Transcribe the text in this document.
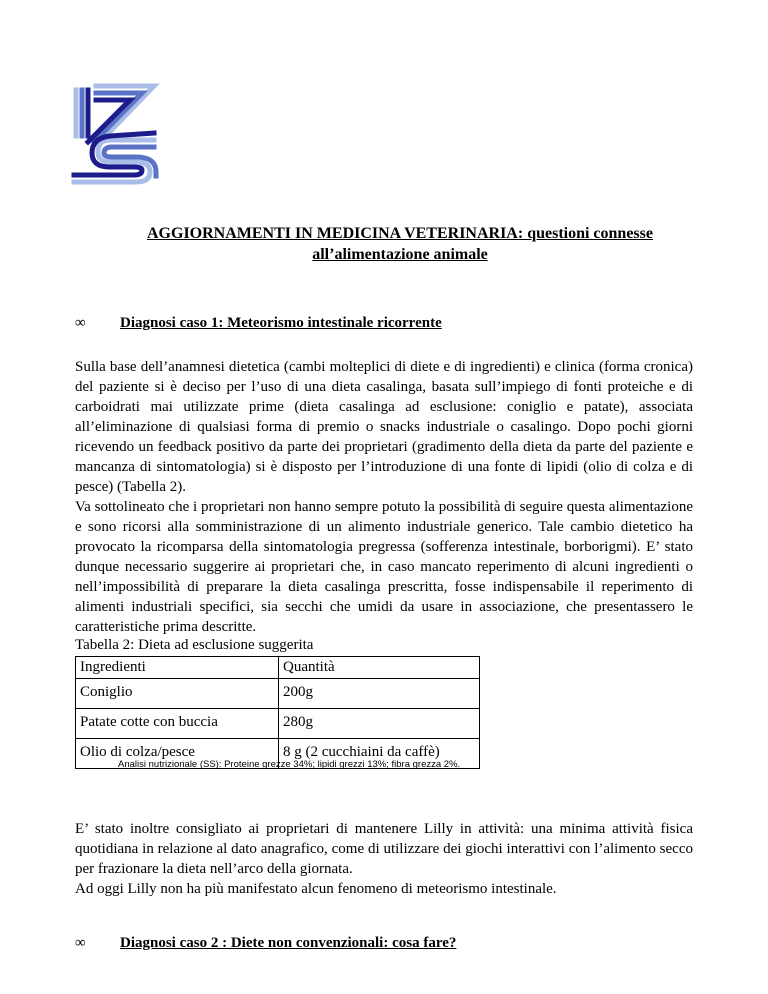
AGGIORNAMENTI IN MEDICINA VETERINARIA: questioni connesse
all’alimentazione animale
∞	Diagnosi caso 1: Meteorismo intestinale ricorrente

Sulla base dell’anamnesi dietetica (cambi molteplici di diete e di ingredienti) e clinica (forma cronica) del paziente si è deciso per l’uso di una dieta casalinga, basata sull’impiego di fonti proteiche e di carboidrati mai utilizzate prime (dieta casalinga ad esclusione: coniglio e patate), associata all’eliminazione di qualsiasi forma di premio o snacks industriale o casalingo. Dopo pochi giorni ricevendo un feedback positivo da parte dei proprietari (gradimento della dieta da parte del paziente e mancanza di sintomatologia) si è disposto per l’introduzione di una fonte di lipidi (olio di colza e di pesce) (Tabella 2).

Va sottolineato che i proprietari non hanno sempre potuto la possibilità di seguire questa alimentazione e sono ricorsi alla somministrazione di un alimento industriale generico. Tale cambio dietetico ha provocato la ricomparsa della sintomatologia pregressa (sofferenza intestinale, borborigmi). E’ stato dunque necessario suggerire ai proprietari che, in caso mancato reperimento di alcuni ingredienti o nell’impossibilità di preparare la dieta casalinga prescritta, fosse indispensabile il reperimento di alimenti industriali specifici, sia secchi che umidi da usare in associazione, che presentassero le caratteristiche prima descritte.

Tabella 2: Dieta ad esclusione suggerita
Ingredienti	Quantità
Coniglio	200g
Patate cotte con buccia	280g
Olio di colza/pesce	8 g (2 cucchiaini da caffè)
Analisi nutrizionale (SS): Proteine grezze 34%; lipidi grezzi 13%; fibra grezza 2%.

E’ stato inoltre consigliato ai proprietari di mantenere Lilly in attività: una minima attività fisica quotidiana in relazione al dato anagrafico, come di utilizzare dei giochi interattivi con l’alimento secco per frazionare la dieta nell’arco della giornata.

Ad oggi Lilly non ha più manifestato alcun fenomeno di meteorismo intestinale.

∞	Diagnosi caso 2 : Diete non convenzionali: cosa fare?
